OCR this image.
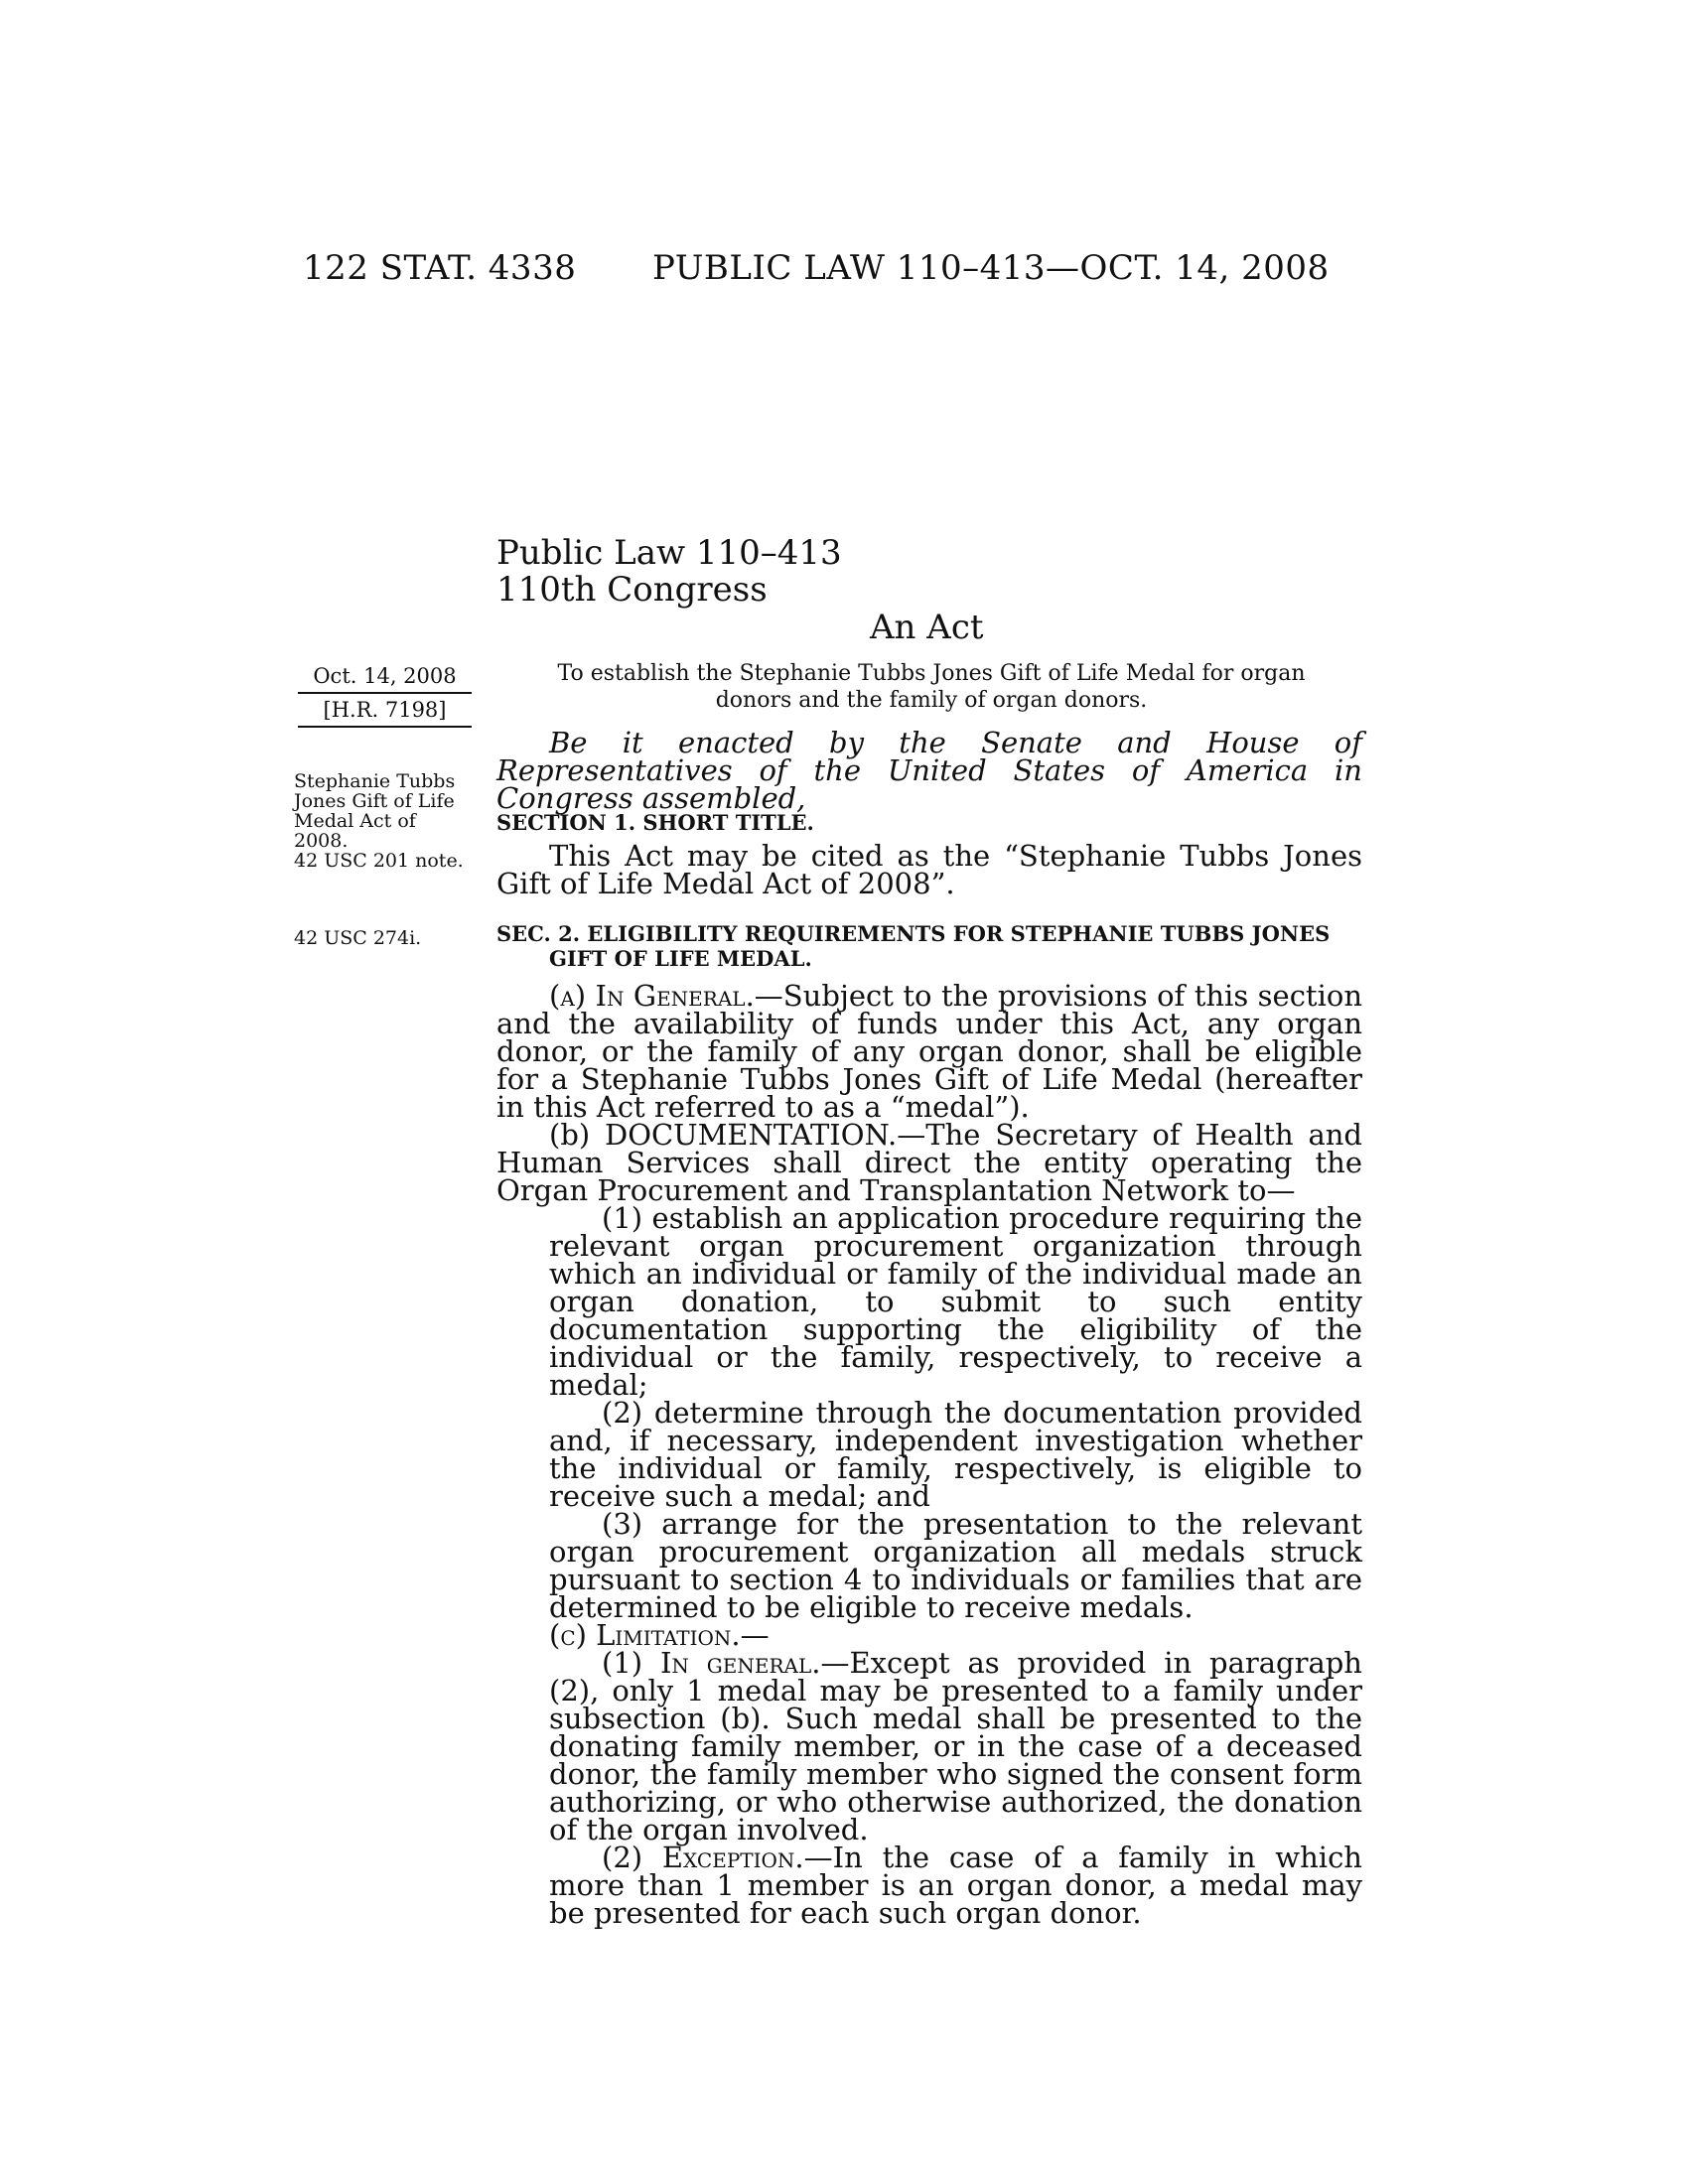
122 STAT. 4338 PUBLIC LAW 110–413—OCT. 14, 2008
Public Law 110–413
110th Congress
An Act
Oct. 14, 2008
[H.R. 7198]
To establish the Stephanie Tubbs Jones Gift of Life Medal for organ donors and the family of organ donors.
Stephanie Tubbs
Jones Gift of Life
Medal Act of
2008.
42 USC 201 note.
42 USC 274i.
Be it enacted by the Senate and House of Representatives of the United States of America in Congress assembled,
SECTION 1. SHORT TITLE.
This Act may be cited as the “Stephanie Tubbs Jones Gift of Life Medal Act of 2008”.
SEC. 2. ELIGIBILITY REQUIREMENTS FOR STEPHANIE TUBBS JONES
GIFT OF LIFE MEDAL.

(a) In General.—Subject to the provisions of this section and the availability of funds under this Act, any organ donor, or the family of any organ donor, shall be eligible for a Stephanie Tubbs Jones Gift of Life Medal (hereafter in this Act referred to as a “medal”).

(b) DOCUMENTATION.—The Secretary of Health and Human Services shall direct the entity operating the Organ Procurement and Transplantation Network to—

(1) establish an application procedure requiring the relevant organ procurement organization through which an individual or family of the individual made an organ donation, to submit to such entity documentation supporting the eligibility of the individual or the family, respectively, to receive a medal;

(2) determine through the documentation provided and, if necessary, independent investigation whether the individual or family, respectively, is eligible to receive such a medal; and

(3) arrange for the presentation to the relevant organ procurement organization all medals struck pursuant to section 4 to individuals or families that are determined to be eligible to receive medals.

(c) Limitation.—

(1) In general.—Except as provided in paragraph (2), only 1 medal may be presented to a family under subsection (b). Such medal shall be presented to the donating family member, or in the case of a deceased donor, the family member who signed the consent form authorizing, or who otherwise authorized, the donation of the organ involved.

(2) Exception.—In the case of a family in which more than 1 member is an organ donor, a medal may be presented for each such organ donor.
